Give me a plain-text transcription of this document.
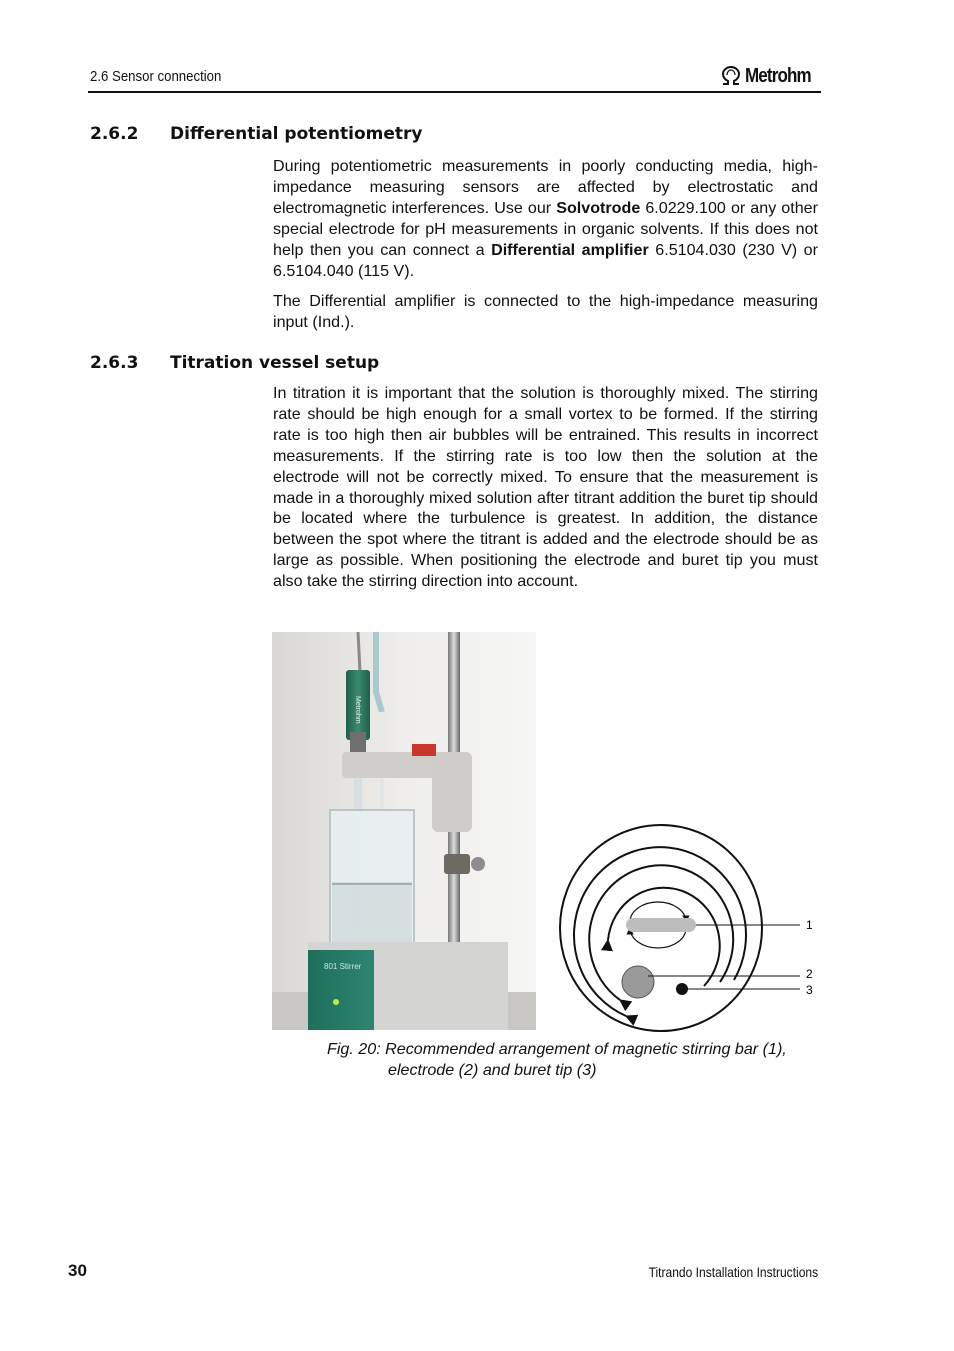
2.6 Sensor connection	Metrohm
2.6.2 Differential potentiometry

During potentiometric measurements in poorly conducting media, high-impedance measuring sensors are affected by electrostatic and electromagnetic interferences. Use our Solvotrode 6.0229.100 or any other special electrode for pH measurements in organic solvents. If this does not help then you can connect a Differential amplifier 6.5104.030 (230 V) or 6.5104.040 (115 V).

The Differential amplifier is connected to the high-impedance measuring input (Ind.).

2.6.3 Titration vessel setup

In titration it is important that the solution is thoroughly mixed. The stirring rate should be high enough for a small vortex to be formed. If the stirring rate is too high then air bubbles will be entrained. This results in incorrect measurements. If the stirring rate is too low then the solution at the electrode will not be correctly mixed. To ensure that the measurement is made in a thoroughly mixed solution after titrant addition the buret tip should be located where the turbulence is greatest. In addition, the distance between the spot where the titrant is added and the electrode should be as large as possible. When positioning the electrode and buret tip you must also take the stirring direction into account.

801 Stirrer
Metrohm
1
2
3
Fig. 20: Recommended arrangement of magnetic stirring bar (1),
electrode (2) and buret tip (3)
30	Titrando Installation Instructions
